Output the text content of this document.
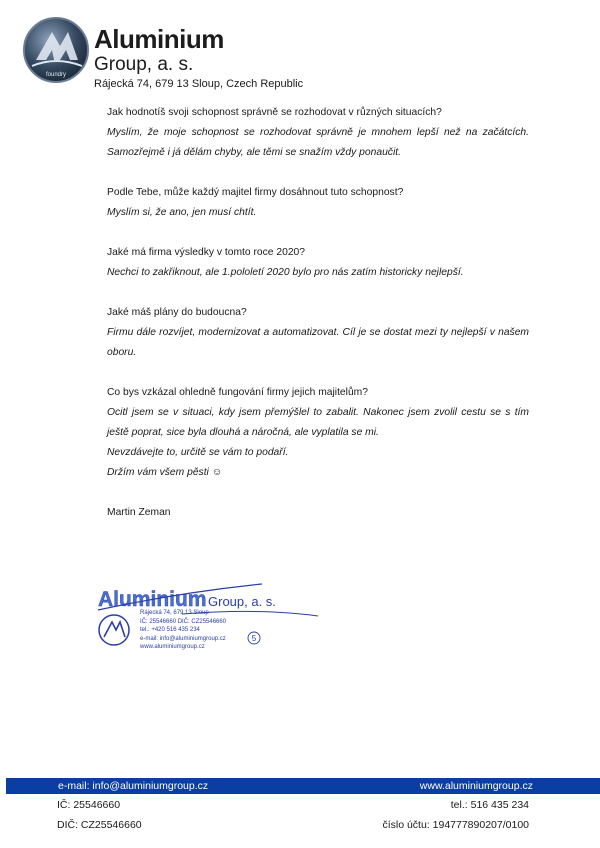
foundry
Aluminium
Group, a. s.
Rájecká 74, 679 13 Sloup, Czech Republic

Jak hodnotíš svoji schopnost správně se rozhodovat v různých situacích?

Myslím, že moje schopnost se rozhodovat správně je mnohem lepší než na začátcích. Samozřejmě i já dělám chyby, ale těmi se snažím vždy ponaučit.

Podle Tebe, může každý majitel firmy dosáhnout tuto schopnost?

Myslím si, že ano, jen musí chtít.

Jaké má firma výsledky v tomto roce 2020?

Nechci to zakřiknout, ale 1.pololetí 2020 bylo pro nás zatím historicky nejlepší.

Jaké máš plány do budoucna?

Firmu dále rozvíjet, modernizovat a automatizovat. Cíl je se dostat mezi ty nejlepší v našem oboru.

Co bys vzkázal ohledně fungování firmy jejich majitelům?

Ocitl jsem se v situaci, kdy jsem přemýšlel to zabalit. Nakonec jsem zvolil cestu se s tím ještě poprat, sice byla dlouhá a náročná, ale vyplatila se mi.

Nevzdávejte to, určitě se vám to podaří.

Držím vám všem pěsti ☺

Martin Zeman

Aluminium Group, a. s.
5
Rájecká 74, 679 13 Sloup
IČ: 25546660 DIČ: CZ25546660
tel.: +420 516 435 234
e-mail: info@aluminiumgroup.cz
www.aluminiumgroup.cz
e-mail: info@aluminiumgroup.cz	www.aluminiumgroup.cz
IČ: 25546660	tel.: 516 435 234
DIČ: CZ25546660	číslo účtu: 194777890207/0100
